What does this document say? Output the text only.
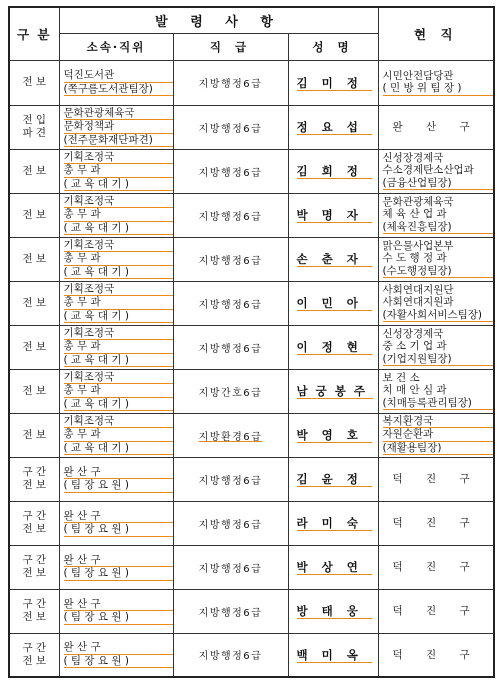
구 분	발 령 사 항			현 직
	소속·직위	직 급	성 명	

전 보	덕진도서관
(쪽구름도서관팀장)	지방행정6급	김미정	시민안전담당관
( 민 방 위 팀 장 )

전 입
파 견	문화관광체육국
문화정책과
(전주문화재단파견)	지방행정6급	정요섭	완 산 구

전 보	기획조정국
총 무 과
( 교 육 대 기 )	지방행정6급	김희정	신성장경제국
수소경제탄소산업과
(금융산업팀장)

전 보	기획조정국
총 무 과
( 교 육 대 기 )	지방행정6급	박명자	문화관광체육국
체 육 산 업 과
(체육진흥팀장)

전 보	기획조정국
총 무 과
( 교 육 대 기 )	지방행정6급	손춘자	맑은물사업본부
수 도 행 정 과
(수도행정팀장)

전 보	기획조정국
총 무 과
( 교 육 대 기 )	지방행정6급	이민아	사회연대지원단
사회연대지원과
(자활사회서비스팀장)

전 보	기획조정국
총 무 과
( 교 육 대 기 )	지방행정6급	이정현	신성장경제국
중 소 기 업 과
(기업지원팀장)

전 보	기획조정국
총 무 과
( 교 육 대 기 )	지방간호6급	남궁봉주	보 건 소
치 매 안 심 과
(치매등록관리팀장)

전 보	기획조정국
총 무 과
( 교 육 대 기 )	지방환경6급	박영호	복지환경국
자원순환과
(재활용팀장)

구 간
전 보	완 산 구
( 팀 장 요 원 )	지방행정6급	김윤정	덕 진 구

구 간
전 보	완 산 구
( 팀 장 요 원 )	지방행정6급	라미숙	덕 진 구

구 간
전 보	완 산 구
( 팀 장 요 원 )	지방행정6급	박상연	덕 진 구

구 간
전 보	완 산 구
( 팀 장 요 원 )	지방행정6급	방태웅	덕 진 구

구 간
전 보	완 산 구
( 팀 장 요 원 )	지방행정6급	백미옥	덕 진 구
